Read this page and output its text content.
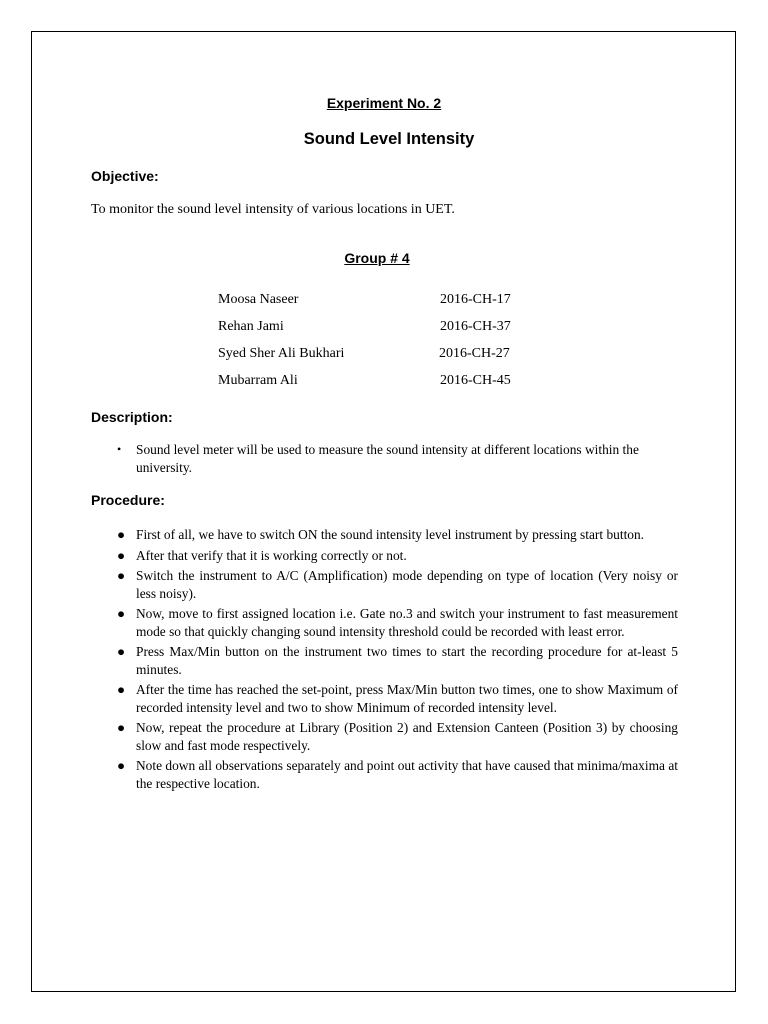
Experiment No. 2
Sound Level Intensity
Objective:
To monitor the sound level intensity of various locations in UET.
Group # 4
Moosa Naseer	2016-CH-17
Rehan Jami	2016-CH-37
Syed Sher Ali Bukhari	2016-CH-27
Mubarram Ali	2016-CH-45
Description:
• Sound level meter will be used to measure the sound intensity at different locations within the university.
Procedure:
● First of all, we have to switch ON the sound intensity level instrument by pressing start button.
● After that verify that it is working correctly or not.
● Switch the instrument to A/C (Amplification) mode depending on type of location (Very noisy or less noisy).
● Now, move to first assigned location i.e. Gate no.3 and switch your instrument to fast measurement mode so that quickly changing sound intensity threshold could be recorded with least error.
● Press Max/Min button on the instrument two times to start the recording procedure for at-least 5 minutes.
● After the time has reached the set-point, press Max/Min button two times, one to show Maximum of recorded intensity level and two to show Minimum of recorded intensity level.
● Now, repeat the procedure at Library (Position 2) and Extension Canteen (Position 3) by choosing slow and fast mode respectively.
● Note down all observations separately and point out activity that have caused that minima/maxima at the respective location.
